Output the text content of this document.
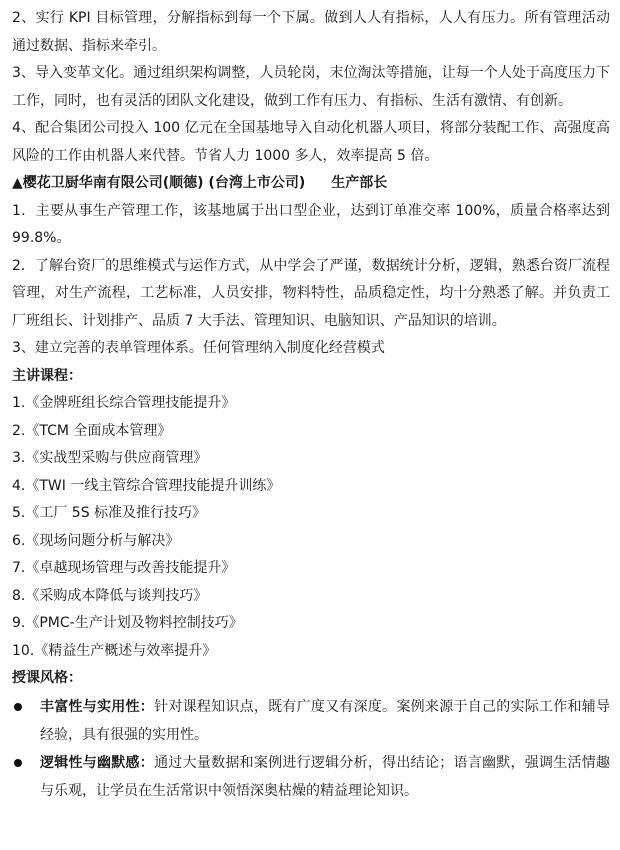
2、实行 KPI 目标管理，分解指标到每一个下属。做到人人有指标，人人有压力。所有管理活动通过数据、指标来牵引。

3、导入变革文化。通过组织架构调整，人员轮岗，末位淘汰等措施，让每一个人处于高度压力下工作，同时，也有灵活的团队文化建设，做到工作有压力、有指标、生活有激情、有创新。

4、配合集团公司投入 100 亿元在全国基地导入自动化机器人项目，将部分装配工作、高强度高风险的工作由机器人来代替。节省人力 1000 多人，效率提高 5 倍。

▲樱花卫厨华南有限公司(顺德) (台湾上市公司) 生产部长

1．主要从事生产管理工作，该基地属于出口型企业，达到订单准交率 100%，质量合格率达到 99.8%。

2．了解台资厂的思维模式与运作方式，从中学会了严谨，数据统计分析，逻辑，熟悉台资厂流程管理，对生产流程，工艺标准，人员安排，物料特性，品质稳定性，均十分熟悉了解。并负责工厂班组长、计划排产、品质 7 大手法、管理知识、电脑知识、产品知识的培训。

3、建立完善的表单管理体系。任何管理纳入制度化经营模式

主讲课程：

1.《金牌班组长综合管理技能提升》
2.《TCM 全面成本管理》
3.《实战型采购与供应商管理》
4.《TWI 一线主管综合管理技能提升训练》
5.《工厂 5S 标准及推行技巧》
6.《现场问题分析与解决》
7.《卓越现场管理与改善技能提升》
8.《采购成本降低与谈判技巧》
9.《PMC-生产计划及物料控制技巧》
10.《精益生产概述与效率提升》

授课风格：

丰富性与实用性：针对课程知识点，既有广度又有深度。案例来源于自己的实际工作和辅导经验，具有很强的实用性。
逻辑性与幽默感：通过大量数据和案例进行逻辑分析，得出结论；语言幽默，强调生活情趣与乐观，让学员在生活常识中领悟深奥枯燥的精益理论知识。
